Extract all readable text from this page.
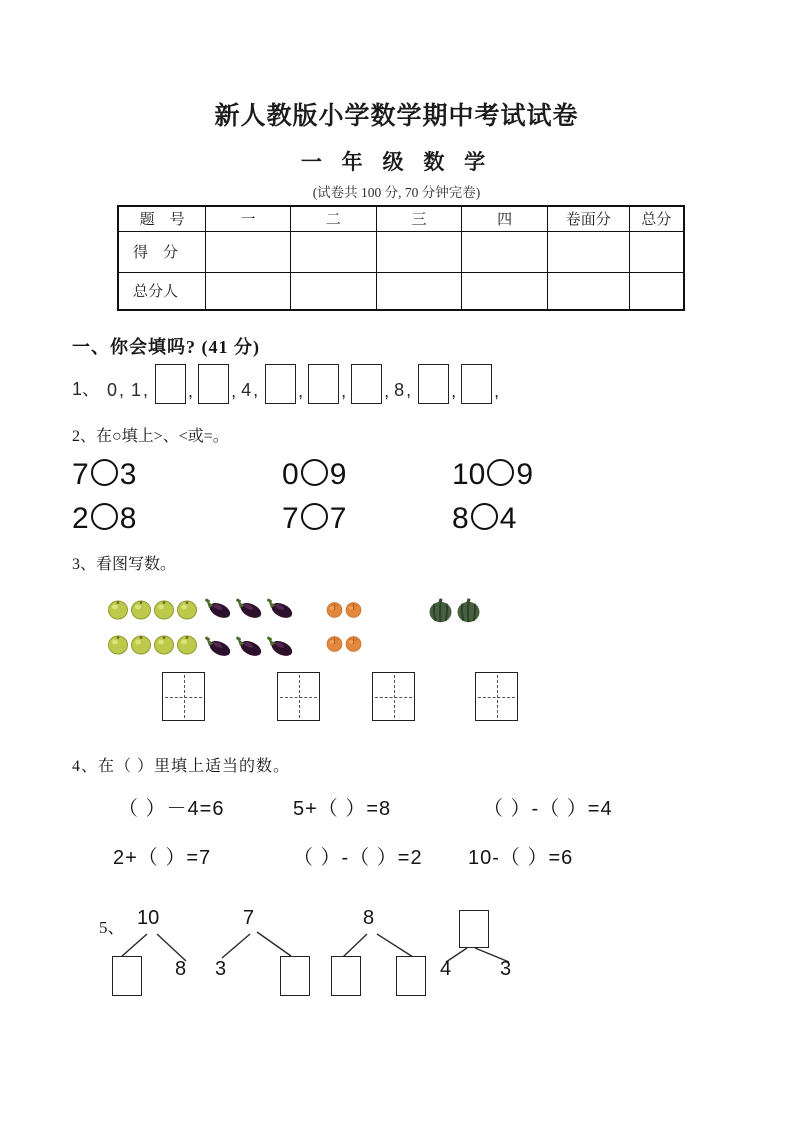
新人教版小学数学期中考试试卷
一 年 级 数 学
(试卷共 100 分, 70 分钟完卷)
题　号	一	二	三	四	卷面分	总分
得　分						
总分人						
一、你会填吗? (41 分)
1、 0, 1, , , 4, , , , 8, , ,
2、在○填上>、<或=。
7 3	0 9	10 9
2 8	7 7	8 4
3、看图写数。
4、在（ ）里填上适当的数。
（ ）－4=6	5+（ ）=8	（ ）-（ ）=4
2+（ ）=7	（ ）-（ ）=2 10-（ ）=6
5、 10
8
7
3
8
4 3
